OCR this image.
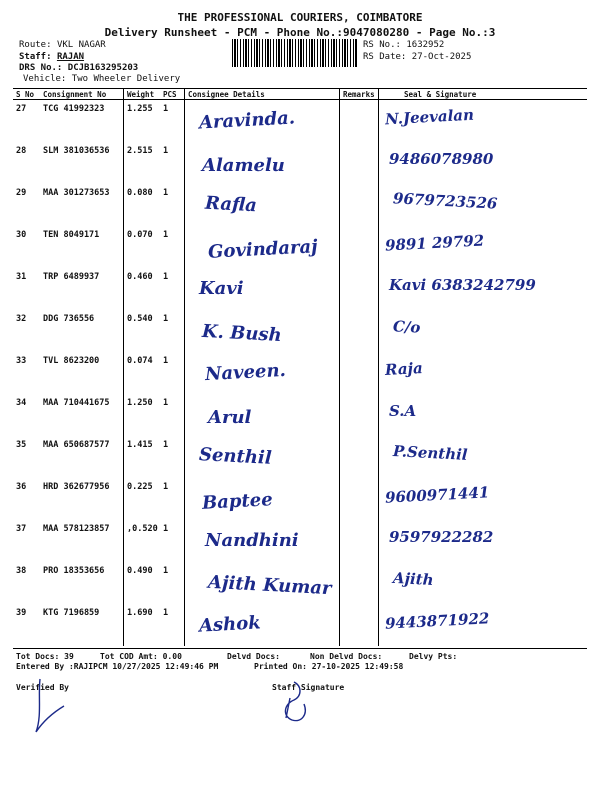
THE PROFESSIONAL COURIERS, COIMBATORE
Delivery Runsheet - PCM - Phone No.:9047080280 - Page No.:3
Route: VKL NAGAR
Staff: RAJAN
DRS No.: DCJB163295203
Vehicle: Two Wheeler Delivery
RS No.: 1632952
RS Date: 27-Oct-2025
S No	Consignment No	Weight	PCS	Consignee Details	Remarks	Seal & Signature
27	TCG 41992323	1.255	1	Aravinda.		N.Jeevalan

28	SLM 381036536	2.515	1	Alamelu		9486078980

29	MAA 301273653	0.080	1	Rafla		9679723526

30	TEN 8049171	0.070	1	Govindaraj		9891 29792

31	TRP 6489937	0.460	1	Kavi		Kavi 6383242799

32	DDG 736556	0.540	1	K. Bush		C/o

33	TVL 8623200	0.074	1	Naveen.		Raja

34	MAA 710441675	1.250	1	Arul		S.A

35	MAA 650687577	1.415	1	Senthil		P.Senthil

36	HRD 362677956	0.225	1	Baptee		9600971441

37	MAA 578123857	,0.520	1	Nandhini		9597922282

38	PRO 18353656	0.490	1	Ajith Kumar		Ajith

39	KTG 7196859	1.690	1	Ashok		9443871922
Tot Docs: 39	Tot COD Amt: 0.00	Delvd Docs:	Non Delvd Docs:	Delvy Pts:
Entered By :RAJIPCM 10/27/2025 12:49:46 PM	Printed On: 27-10-2025 12:49:58
Verified By	Staff Signature
